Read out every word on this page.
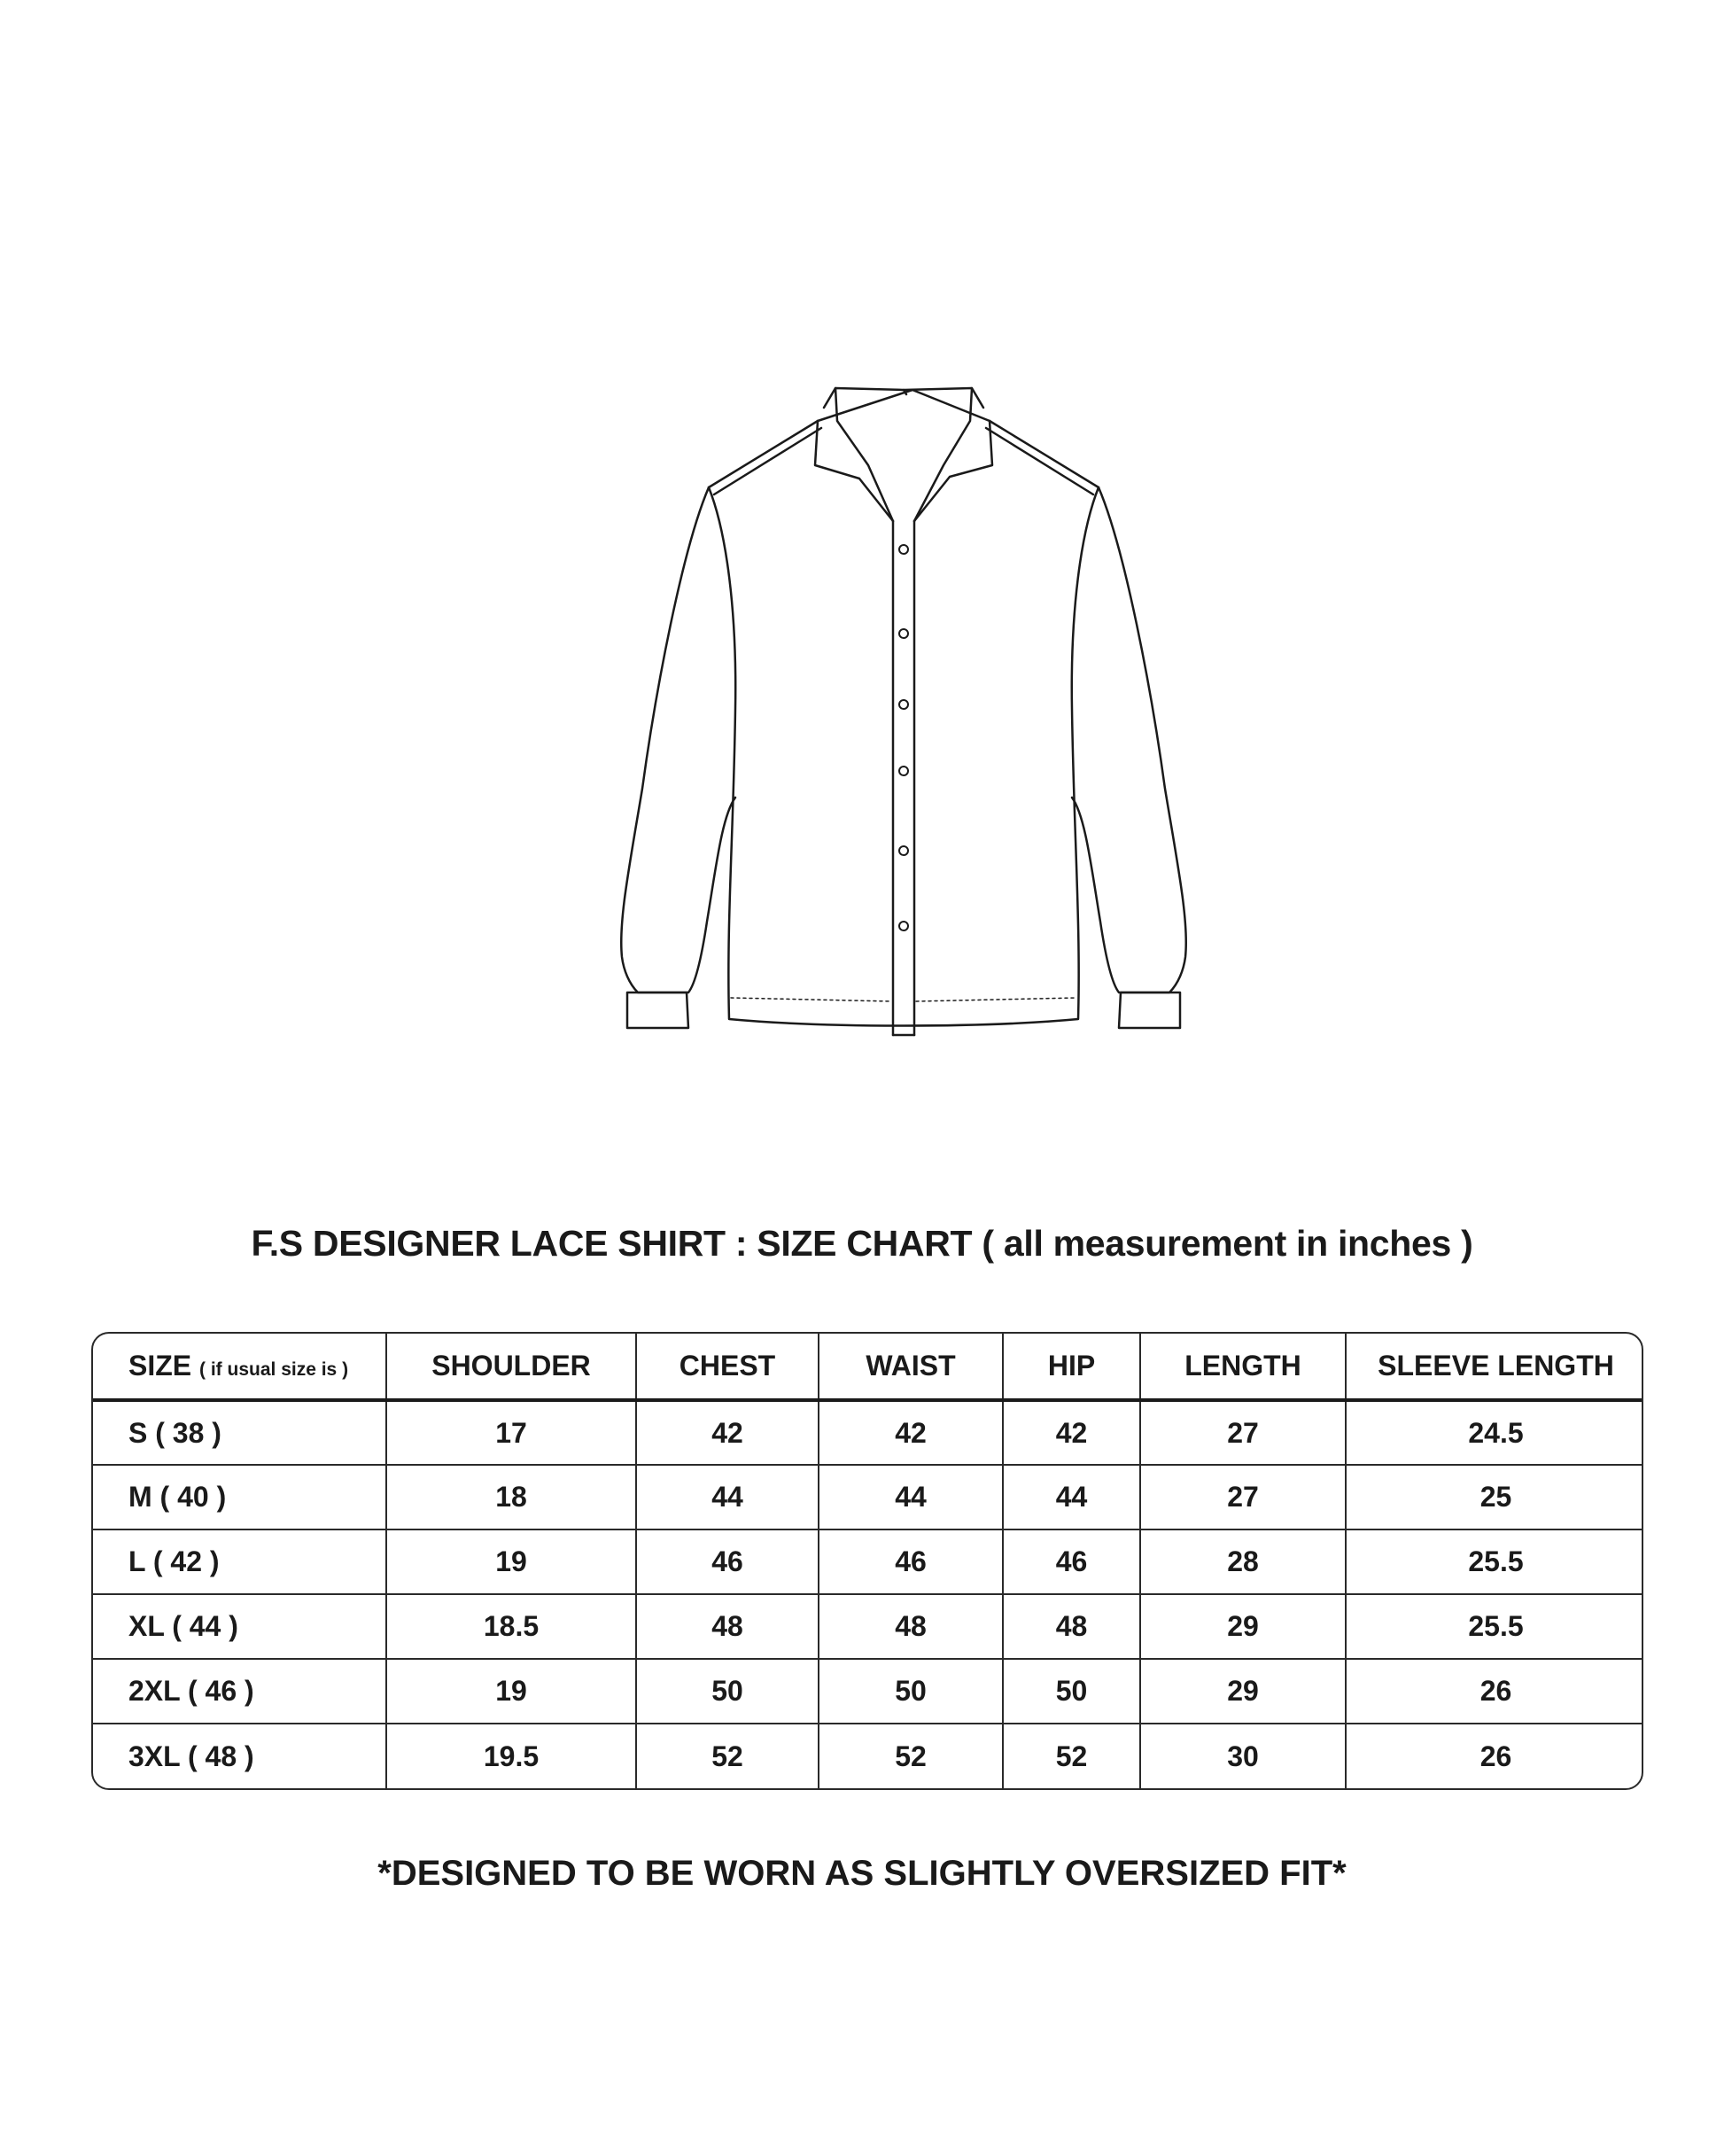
F.S DESIGNER LACE SHIRT : SIZE CHART ( all measurement in inches )
SIZE ( if usual size is )	SHOULDER	CHEST	WAIST	HIP	LENGTH	SLEEVE LENGTH
S ( 38 )	17	42	42	42	27	24.5
M ( 40 )	18	44	44	44	27	25
L ( 42 )	19	46	46	46	28	25.5
XL ( 44 )	18.5	48	48	48	29	25.5
2XL ( 46 )	19	50	50	50	29	26
3XL ( 48 )	19.5	52	52	52	30	26

*DESIGNED TO BE WORN AS SLIGHTLY OVERSIZED FIT*
